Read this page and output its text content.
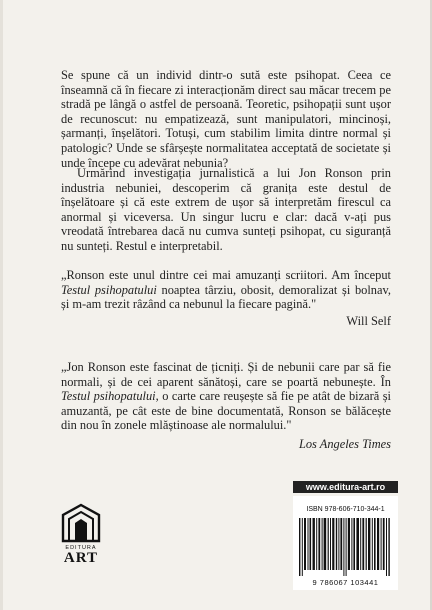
Se spune că un individ dintr-o sută este psihopat. Ceea ce înseamnă că în fiecare zi interacționăm direct sau măcar trecem pe stradă pe lângă o astfel de persoană. Teoretic, psihopații sunt ușor de recunoscut: nu empatizează, sunt manipulatori, mincinoși, șarmanți, înșelători. Totuși, cum stabilim limita dintre normal și patologic? Unde se sfârșește normalitatea acceptată de societate și unde începe cu adevărat nebunia?

Urmărind investigația jurnalistică a lui Jon Ronson prin industria nebuniei, descoperim că granița este destul de înșelătoare și că este extrem de ușor să interpretăm firescul ca anormal și viceversa. Un singur lucru e clar: dacă v-ați pus vreodată întrebarea dacă nu cumva sunteți psihopat, cu siguranță nu sunteți. Restul e interpretabil.

„Ronson este unul dintre cei mai amuzanți scriitori. Am început Testul psihopatului noaptea târziu, obosit, demoralizat și bolnav, și m-am trezit râzând ca nebunul la fiecare pagină."
Will Self
„Jon Ronson este fascinat de țicniți. Și de nebunii care par să fie normali, și de cei aparent sănătoși, care se poartă nebunește. În Testul psihopatului, o carte care reușește să fie pe atât de bizară și amuzantă, pe cât este de bine documentată, Ronson se bălăcește din nou în zonele mlăștinoase ale normalului."
Los Angeles Times
EDITURA
ART
www.editura-art.ro
ISBN 978-606-710-344-1
9 786067 103441
